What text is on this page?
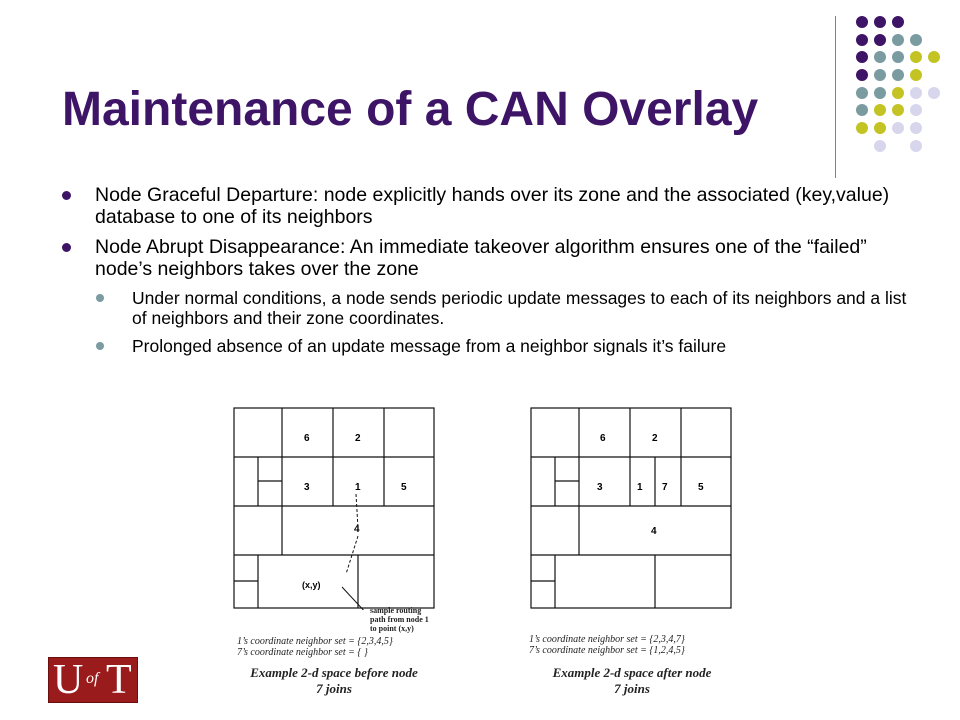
Maintenance of a CAN Overlay
Node Graceful Departure: node explicitly hands over its zone and the associated (key,value) database to one of its neighbors
Node Abrupt Disappearance: An immediate takeover algorithm ensures one of the “failed” node’s neighbors takes over the zone
Under normal conditions, a node sends periodic update messages to each of its neighbors and a list of neighbors and their zone coordinates.
Prolonged absence of an update message from a neighbor signals it’s failure
6	2
3	1	5
4
(x,y)
sample routing
path from node 1
to point (x,y)
1’s coordinate neighbor set = {2,3,4,5}
7’s coordinate neighbor set = { }
Example 2-d space before node
7 joins
6	2
3	1 7	5
4
1’s coordinate neighbor set = {2,3,4,7}
7’s coordinate neighbor set = {1,2,4,5}
Example 2-d space after node
7 joins
U of T
